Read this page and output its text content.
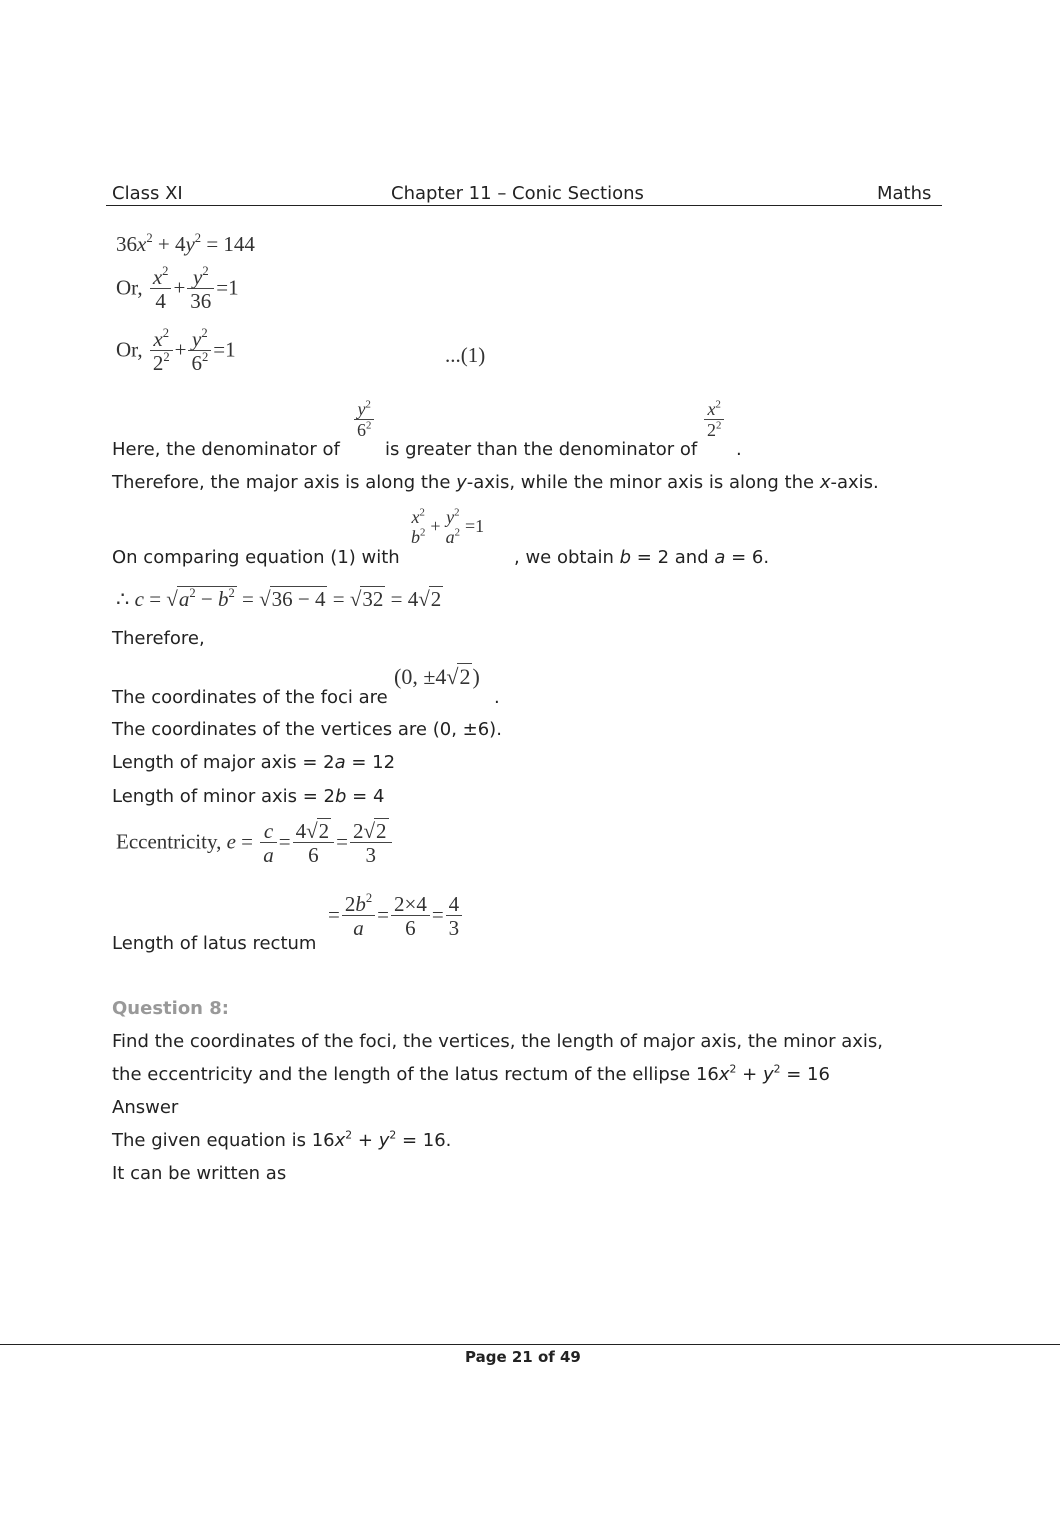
Class XI	Chapter 11 – Conic Sections	Maths
$36x^2 + 4y^2 = 144$
Or, $\frac{x^2}{4} + \frac{y^2}{36} =1$
Or, $\frac{x^2}{2^2} + \frac{y^2}{6^2} =1$	...(1)
Here, the denominator of
$\frac{y^2}{6^2}$
is greater than the denominator of
$\frac{x^2}{2^2}$
.
Therefore, the major axis is along the y-axis, while the minor axis is along the x-axis.
On comparing equation (1) with
$x^2$
$b^2 + y^2$
$a^2 =1$
, we obtain b = 2 and a = 6.
∴ $c = √a^2 - b^2 = √36 - 4 = √32 = 4√2$
Therefore,
The coordinates of the foci are
(0, ±4√2)
.
The coordinates of the vertices are (0, ±6).
Length of major axis = 2a = 12
Length of minor axis = 2b = 4
Eccentricity, $e = \frac{c}{a} = \frac{4√2}{6} = \frac{2√2}{3}$
Length of latus rectum
= $\frac{2b^2}{a} = \frac{2\times 4}{6} = \frac{4}{3}$
Question 8:
Find the coordinates of the foci, the vertices, the length of major axis, the minor axis,
the eccentricity and the length of the latus rectum of the ellipse $16x^2 + y^2 = 16$
Answer
The given equation is $16x^2 + y^2 = 16$.
It can be written as
Page 21 of 49
